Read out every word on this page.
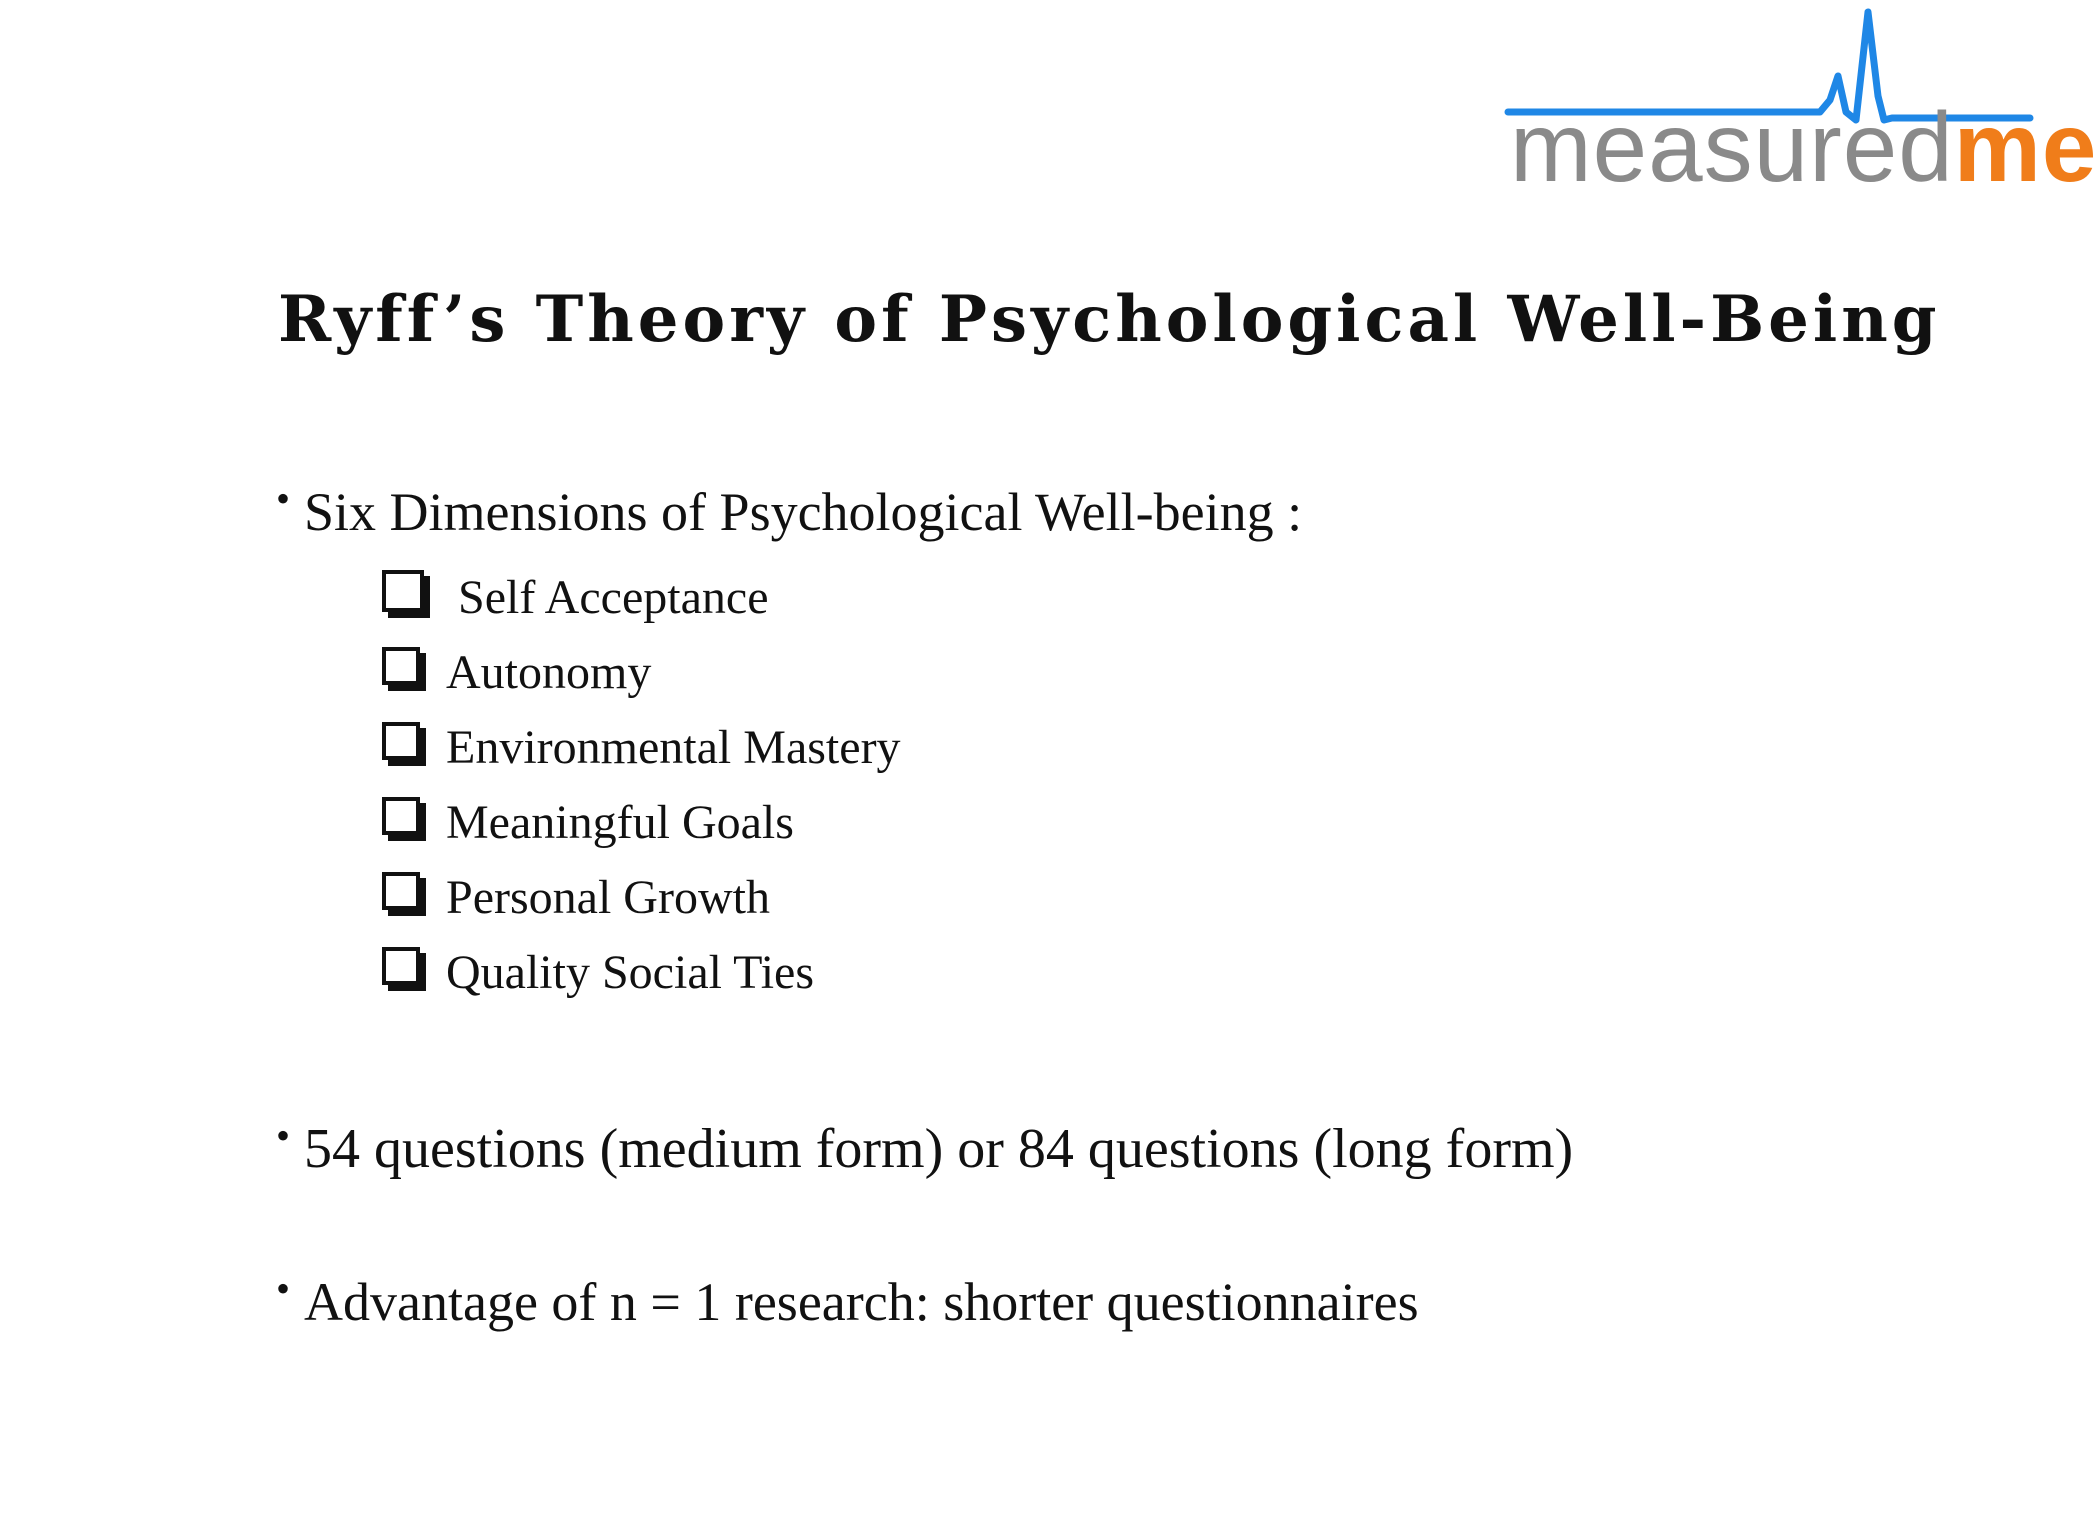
measuredme
Ryff’s Theory of Psychological Well-Being
• Six Dimensions of Psychological Well-being :
Self Acceptance
Autonomy
Environmental Mastery
Meaningful Goals
Personal Growth
Quality Social Ties
• 54 questions (medium form) or 84 questions (long form)
• Advantage of n = 1 research: shorter questionnaires
